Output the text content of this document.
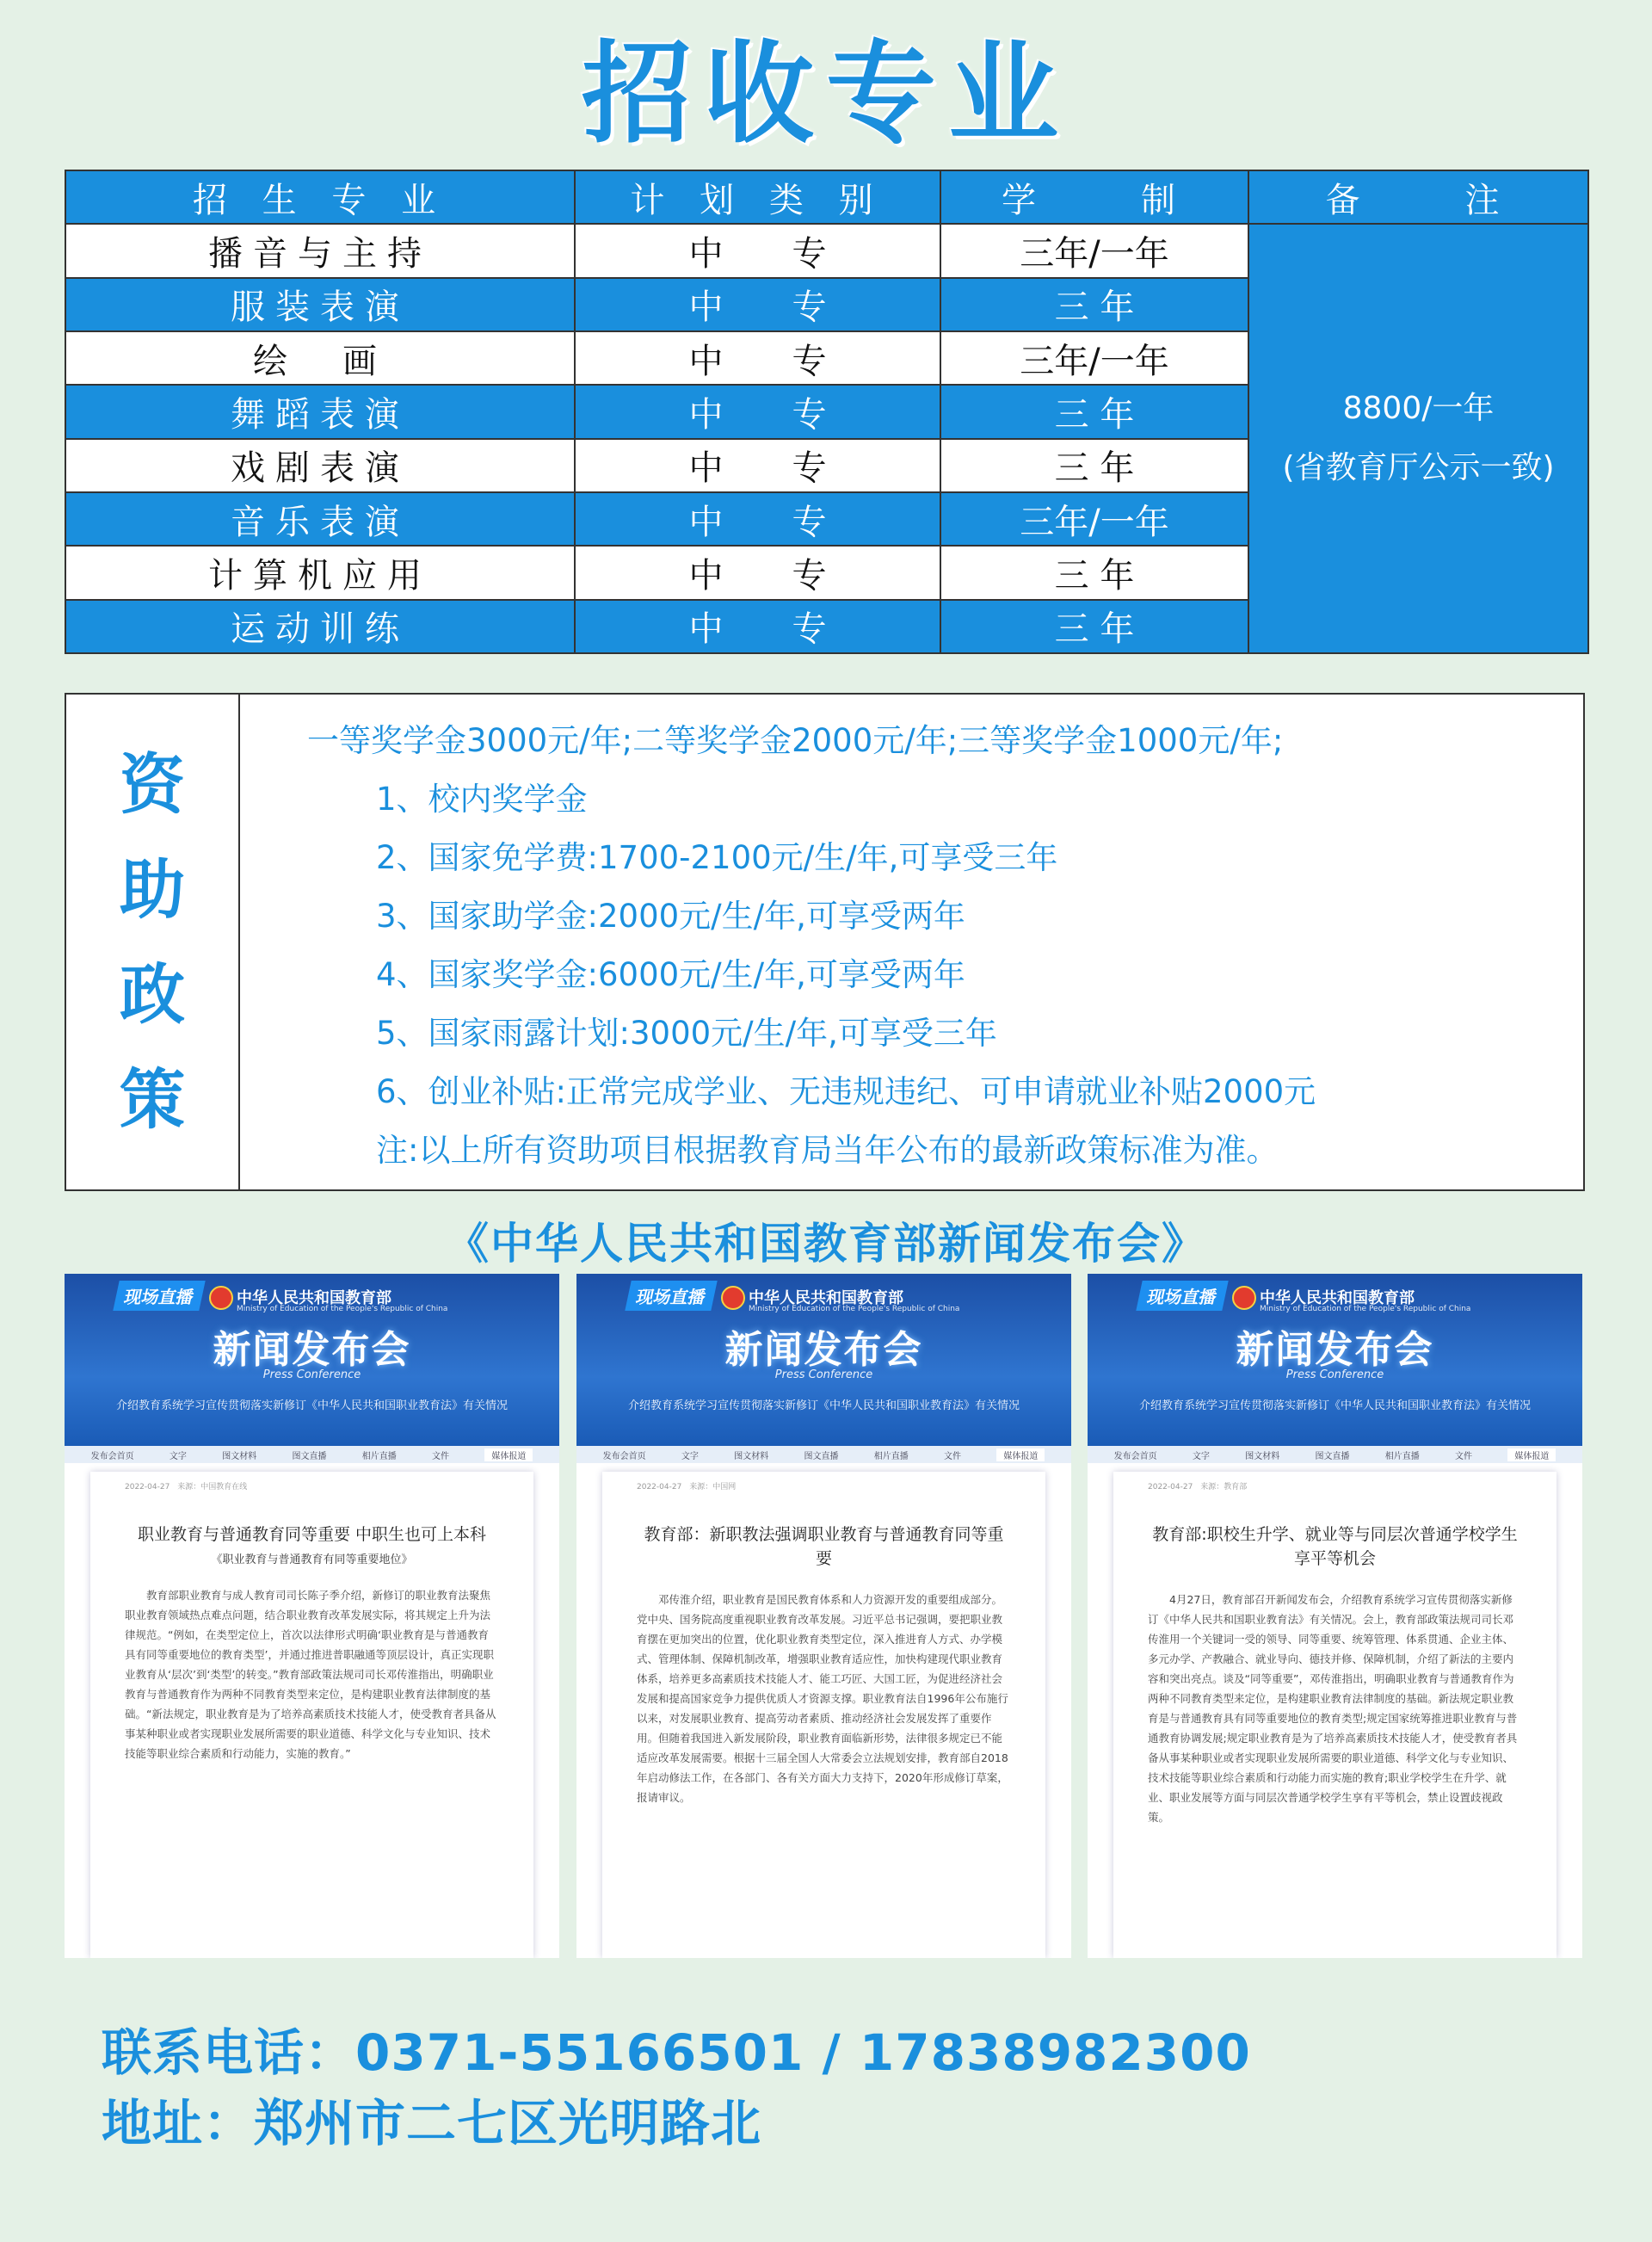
招收专业
招 生 专 业	计 划 类 别	学　　制	备　　注
播音与主持	中　　专	三年/一年	8800/一年
(省教育厅公示一致)

服装表演	中　　专	三 年	
绘　画	中　　专	三年/一年	
舞蹈表演	中　　专	三 年	
戏剧表演	中　　专	三 年	
音乐表演	中　　专	三年/一年	
计算机应用	中　　专	三 年	
运动训练	中　　专	三 年	
资
助
政
策
一等奖学金3000元/年;二等奖学金2000元/年;三等奖学金1000元/年;
1、校内奖学金
2、国家免学费:1700-2100元/生/年,可享受三年
3、国家助学金:2000元/生/年,可享受两年
4、国家奖学金:6000元/生/年,可享受两年
5、国家雨露计划:3000元/生/年,可享受三年
6、创业补贴:正常完成学业、无违规违纪、可申请就业补贴2000元
注:以上所有资助项目根据教育局当年公布的最新政策标准为准。
《中华人民共和国教育部新闻发布会》
现场直播	中华人民共和国教育部
Ministry of Education of the People's Republic of China
新闻发布会
Press Conference
介绍教育系统学习宣传贯彻落实新修订《中华人民共和国职业教育法》有关情况
发布会首页	文字	图文材料	图文直播	相片直播	文件	媒体报道
2022-04-27　来源：中国教育在线
职业教育与普通教育同等重要 中职生也可上本科
《职业教育与普通教育有同等重要地位》
教育部职业教育与成人教育司司长陈子季介绍，新修订的职业教育法聚焦职业教育领域热点难点问题，结合职业教育改革发展实际，将其规定上升为法律规范。“例如，在类型定位上，首次以法律形式明确‘职业教育是与普通教育具有同等重要地位的教育类型’，并通过推进普职融通等顶层设计，真正实现职业教育从‘层次’到‘类型’的转变。”教育部政策法规司司长邓传淮指出，明确职业教育与普通教育作为两种不同教育类型来定位，是构建职业教育法律制度的基础。“新法规定，职业教育是为了培养高素质技术技能人才，使受教育者具备从事某种职业或者实现职业发展所需要的职业道德、科学文化与专业知识、技术技能等职业综合素质和行动能力，实施的教育。”
现场直播	中华人民共和国教育部
Ministry of Education of the People's Republic of China
新闻发布会
Press Conference
介绍教育系统学习宣传贯彻落实新修订《中华人民共和国职业教育法》有关情况
发布会首页	文字	图文材料	图文直播	相片直播	文件	媒体报道
2022-04-27　来源：中国网
教育部：新职教法强调职业教育与普通教育同等重要
邓传淮介绍，职业教育是国民教育体系和人力资源开发的重要组成部分。党中央、国务院高度重视职业教育改革发展。习近平总书记强调，要把职业教育摆在更加突出的位置，优化职业教育类型定位，深入推进育人方式、办学模式、管理体制、保障机制改革，增强职业教育适应性，加快构建现代职业教育体系，培养更多高素质技术技能人才、能工巧匠、大国工匠，为促进经济社会发展和提高国家竞争力提供优质人才资源支撑。职业教育法自1996年公布施行以来，对发展职业教育、提高劳动者素质、推动经济社会发展发挥了重要作用。但随着我国进入新发展阶段，职业教育面临新形势，法律很多规定已不能适应改革发展需要。根据十三届全国人大常委会立法规划安排，教育部自2018年启动修法工作，在各部门、各有关方面大力支持下，2020年形成修订草案，报请审议。
现场直播	中华人民共和国教育部
Ministry of Education of the People's Republic of China
新闻发布会
Press Conference
介绍教育系统学习宣传贯彻落实新修订《中华人民共和国职业教育法》有关情况
发布会首页	文字	图文材料	图文直播	相片直播	文件	媒体报道
2022-04-27　来源：教育部
教育部:职校生升学、就业等与同层次普通学校学生享平等机会
4月27日，教育部召开新闻发布会，介绍教育系统学习宣传贯彻落实新修订《中华人民共和国职业教育法》有关情况。会上，教育部政策法规司司长邓传淮用一个关键词一受的领导、同等重要、统筹管理、体系贯通、企业主体、多元办学、产教融合、就业导向、德技并修、保障机制，介绍了新法的主要内容和突出亮点。谈及“同等重要”，邓传淮指出，明确职业教育与普通教育作为两种不同教育类型来定位，是构建职业教育法律制度的基础。新法规定职业教育是与普通教育具有同等重要地位的教育类型;规定国家统筹推进职业教育与普通教育协调发展;规定职业教育是为了培养高素质技术技能人才，使受教育者具备从事某种职业或者实现职业发展所需要的职业道德、科学文化与专业知识、技术技能等职业综合素质和行动能力而实施的教育;职业学校学生在升学、就业、职业发展等方面与同层次普通学校学生享有平等机会，禁止设置歧视政策。
联系电话：0371-55166501 / 17838982300
地址：郑州市二七区光明路北
